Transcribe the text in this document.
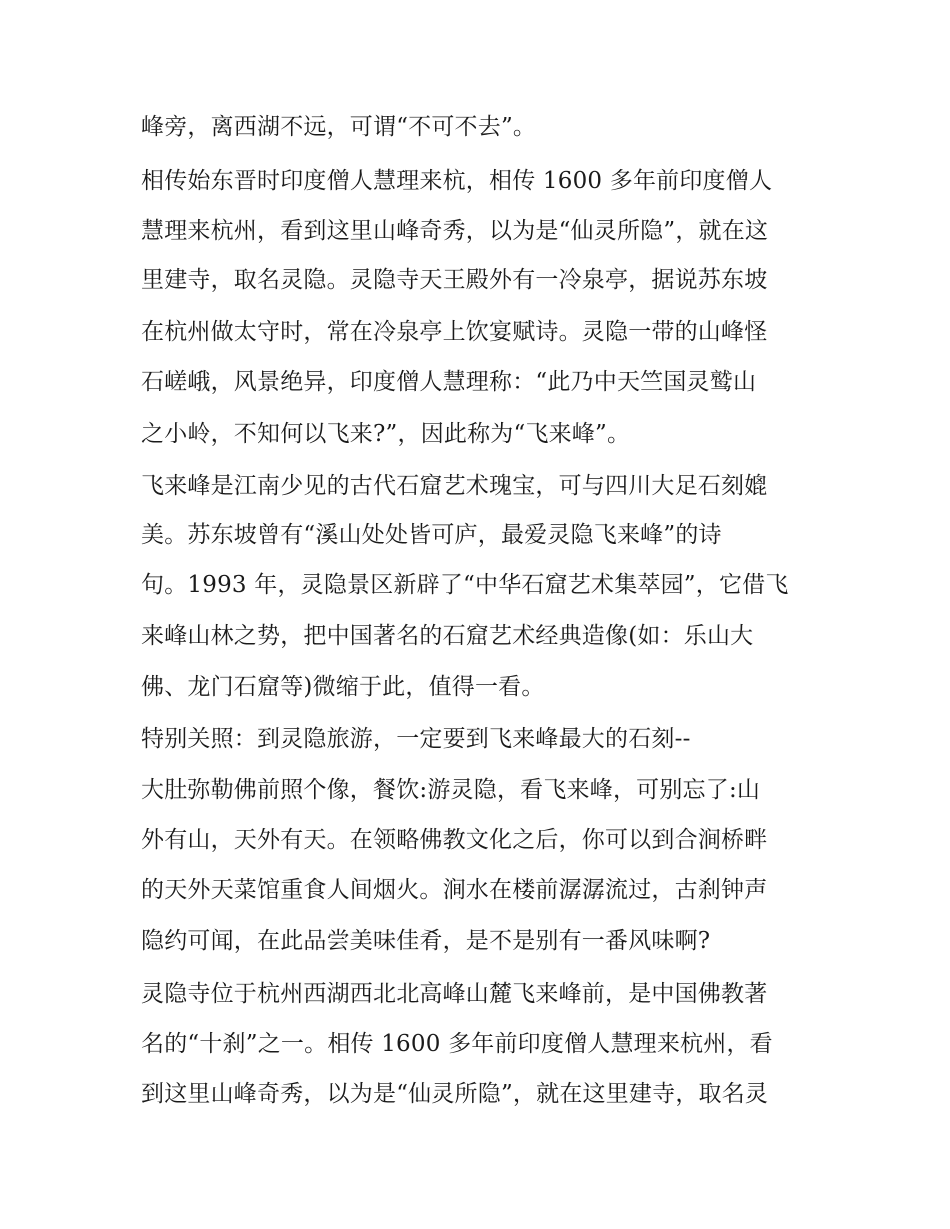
峰旁，离西湖不远，可谓“不可不去”。
相传始东晋时印度僧人慧理来杭，相传 1600 多年前印度僧人
慧理来杭州，看到这里山峰奇秀，以为是“仙灵所隐”，就在这
里建寺，取名灵隐。灵隐寺天王殿外有一冷泉亭，据说苏东坡
在杭州做太守时，常在冷泉亭上饮宴赋诗。灵隐一带的山峰怪
石嵯峨，风景绝异，印度僧人慧理称：“此乃中天竺国灵鹫山
之小岭，不知何以飞来?”，因此称为“飞来峰”。
飞来峰是江南少见的古代石窟艺术瑰宝，可与四川大足石刻媲
美。苏东坡曾有“溪山处处皆可庐，最爱灵隐飞来峰”的诗
句。1993 年，灵隐景区新辟了“中华石窟艺术集萃园”，它借飞
来峰山林之势，把中国著名的石窟艺术经典造像(如：乐山大
佛、龙门石窟等)微缩于此，值得一看。
特别关照：到灵隐旅游，一定要到飞来峰最大的石刻--
大肚弥勒佛前照个像，餐饮:游灵隐，看飞来峰，可别忘了:山
外有山，天外有天。在领略佛教文化之后，你可以到合涧桥畔
的天外天菜馆重食人间烟火。涧水在楼前潺潺流过，古刹钟声
隐约可闻，在此品尝美味佳肴，是不是别有一番风味啊?
灵隐寺位于杭州西湖西北北高峰山麓飞来峰前，是中国佛教著
名的“十刹”之一。相传 1600 多年前印度僧人慧理来杭州，看
到这里山峰奇秀，以为是“仙灵所隐”，就在这里建寺，取名灵
